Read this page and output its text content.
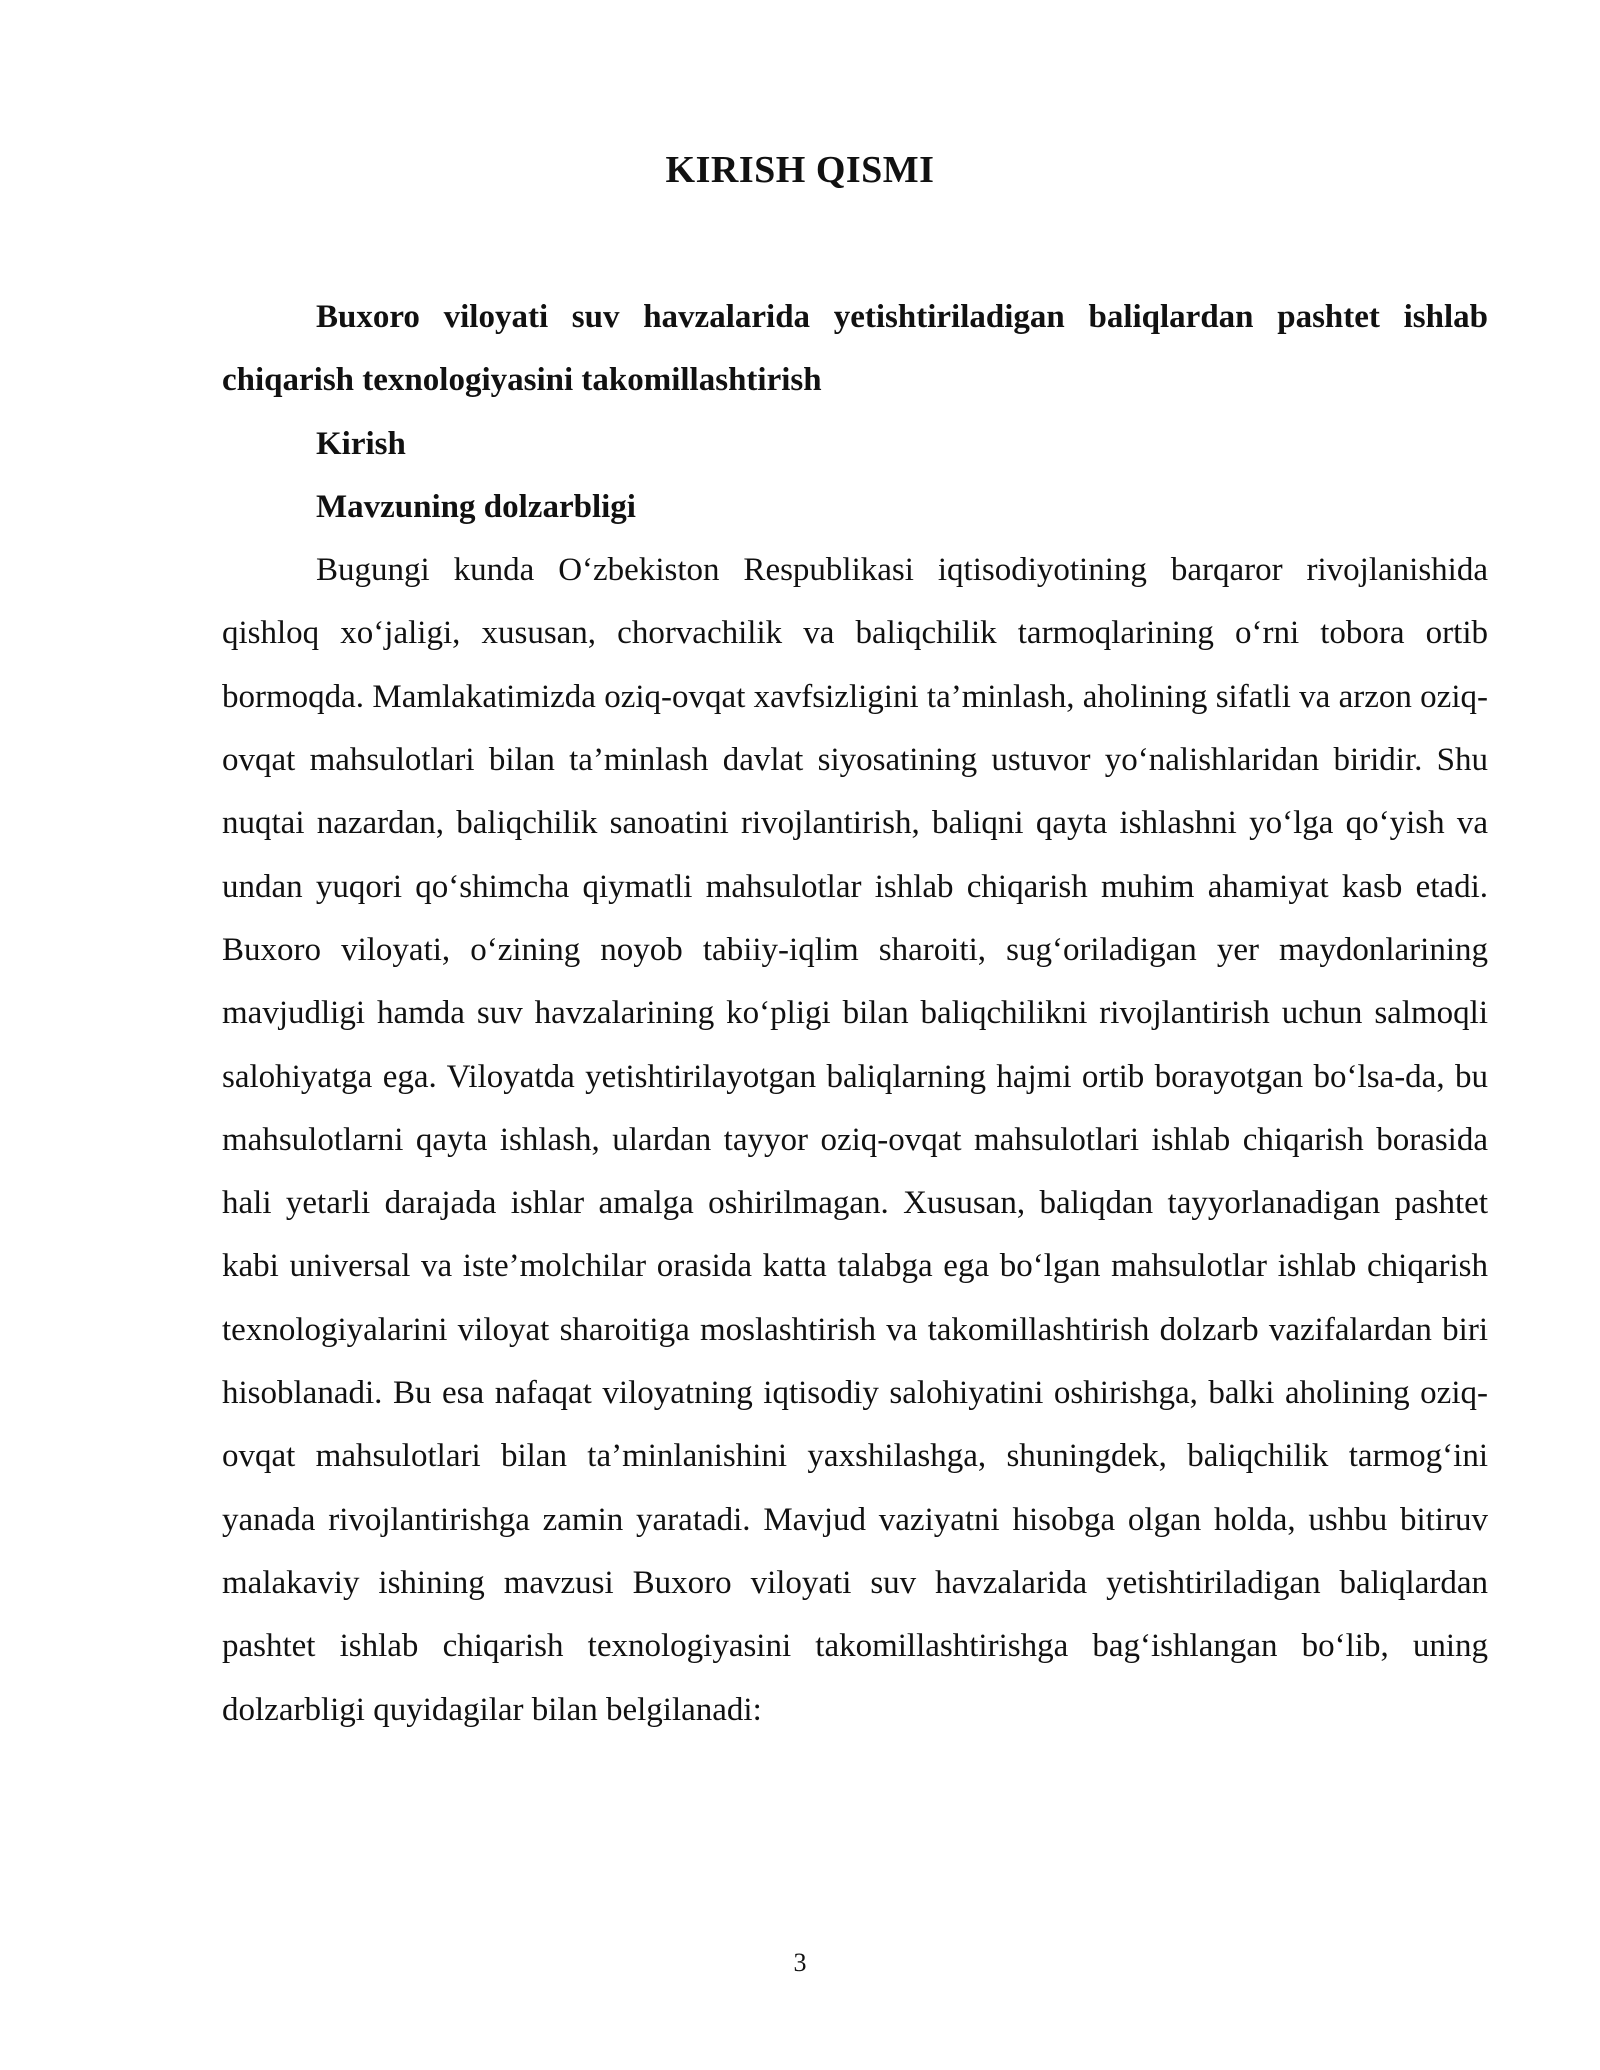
KIRISH QISMI

Buxoro viloyati suv havzalarida yetishtiriladigan baliqlardan pashtet ishlab chiqarish texnologiyasini takomillashtirish

Kirish

Mavzuning dolzarbligi

Bugungi kunda O‘zbekiston Respublikasi iqtisodiyotining barqaror rivojlanishida qishloq xo‘jaligi, xususan, chorvachilik va baliqchilik tarmoqlarining o‘rni tobora ortib bormoqda. Mamlakatimizda oziq-ovqat xavfsizligini ta’minlash, aholining sifatli va arzon oziq-ovqat mahsulotlari bilan ta’minlash davlat siyosatining ustuvor yo‘nalishlaridan biridir. Shu nuqtai nazardan, baliqchilik sanoatini rivojlantirish, baliqni qayta ishlashni yo‘lga qo‘yish va undan yuqori qo‘shimcha qiymatli mahsulotlar ishlab chiqarish muhim ahamiyat kasb etadi. Buxoro viloyati, o‘zining noyob tabiiy-iqlim sharoiti, sug‘oriladigan yer maydonlarining mavjudligi hamda suv havzalarining ko‘pligi bilan baliqchilikni rivojlantirish uchun salmoqli salohiyatga ega. Viloyatda yetishtirilayotgan baliqlarning hajmi ortib borayotgan bo‘lsa-da, bu mahsulotlarni qayta ishlash, ulardan tayyor oziq-ovqat mahsulotlari ishlab chiqarish borasida hali yetarli darajada ishlar amalga oshirilmagan. Xususan, baliqdan tayyorlanadigan pashtet kabi universal va iste’molchilar orasida katta talabga ega bo‘lgan mahsulotlar ishlab chiqarish texnologiyalarini viloyat sharoitiga moslashtirish va takomillashtirish dolzarb vazifalardan biri hisoblanadi. Bu esa nafaqat viloyatning iqtisodiy salohiyatini oshirishga, balki aholining oziq-ovqat mahsulotlari bilan ta’minlanishini yaxshilashga, shuningdek, baliqchilik tarmog‘ini yanada rivojlantirishga zamin yaratadi. Mavjud vaziyatni hisobga olgan holda, ushbu bitiruv malakaviy ishining mavzusi Buxoro viloyati suv havzalarida yetishtiriladigan baliqlardan pashtet ishlab chiqarish texnologiyasini takomillashtirishga bag‘ishlangan bo‘lib, uning dolzarbligi quyidagilar bilan belgilanadi:

3
